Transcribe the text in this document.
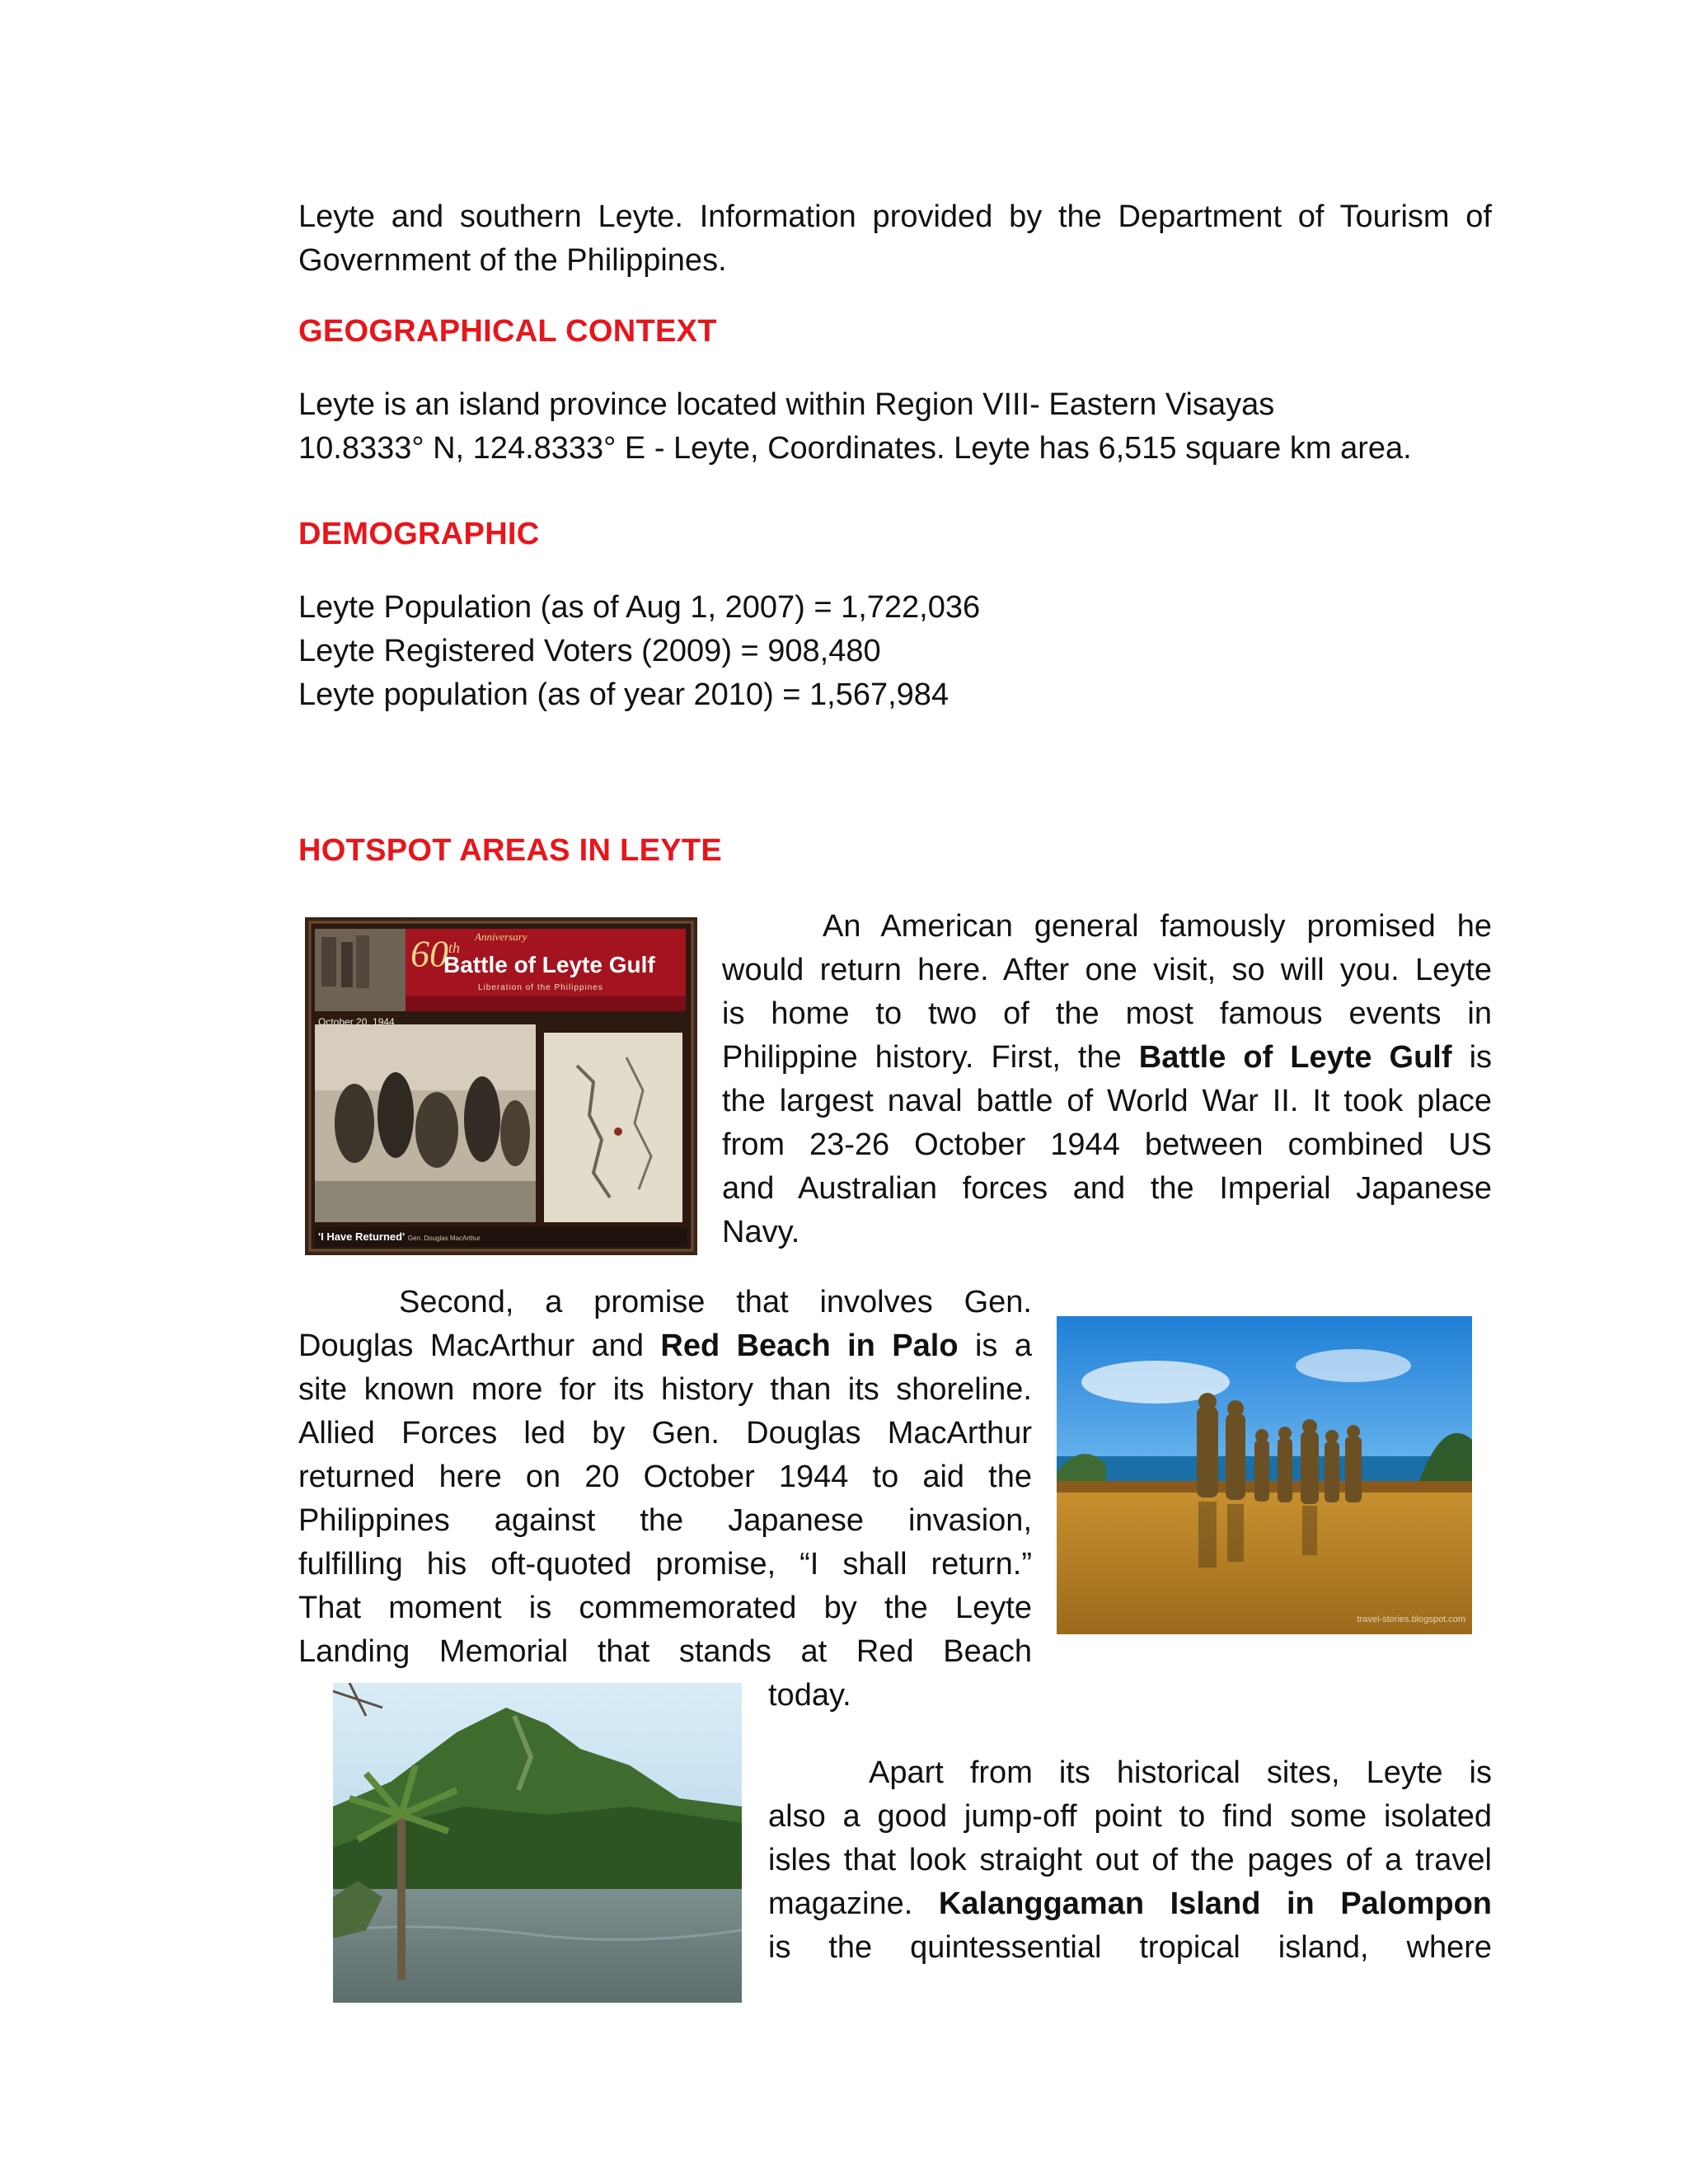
Leyte and southern Leyte. Information provided by the Department of Tourism of
Government of the Philippines.
GEOGRAPHICAL CONTEXT
Leyte is an island province located within Region VIII- Eastern Visayas
10.8333° N, 124.8333° E - Leyte, Coordinates. Leyte has 6,515 square km area.
DEMOGRAPHIC
Leyte Population (as of Aug 1, 2007) = 1,722,036
Leyte Registered Voters (2009) = 908,480
Leyte population (as of year 2010) = 1,567,984
HOTSPOT AREAS IN LEYTE
60th
Anniversary
Battle of Leyte Gulf
Liberation of the Philippines
October 20, 1944
'I Have Returned' Gen. Douglas MacArthur
An American general famously promised he
would return here. After one visit, so will you. Leyte
is home to two of the most famous events in
Philippine history. First, the Battle of Leyte Gulf is
the largest naval battle of World War II. It took place
from 23-26 October 1944 between combined US
and Australian forces and the Imperial Japanese
Navy.
Second, a promise that involves Gen.
Douglas MacArthur and Red Beach in Palo is a
site known more for its history than its shoreline.
Allied Forces led by Gen. Douglas MacArthur
returned here on 20 October 1944 to aid the
Philippines against the Japanese invasion,
fulfilling his oft-quoted promise, “I shall return.”
That moment is commemorated by the Leyte
Landing Memorial that stands at Red Beach
today.
travel-stories.blogspot.com
Apart from its historical sites, Leyte is
also a good jump-off point to find some isolated
isles that look straight out of the pages of a travel
magazine. Kalanggaman Island in Palompon
is the quintessential tropical island, where
